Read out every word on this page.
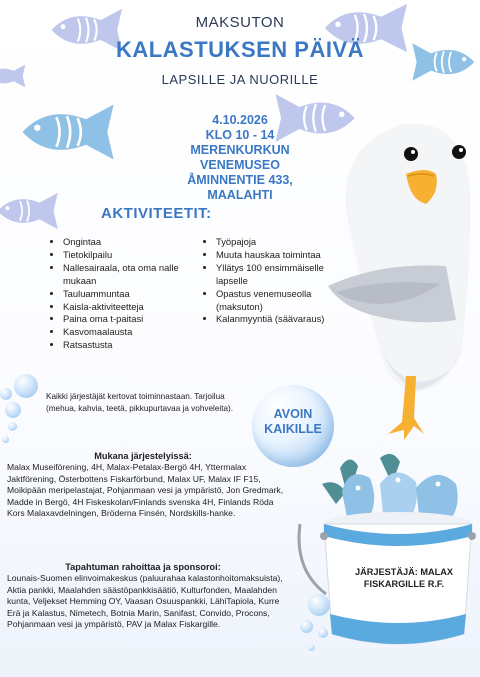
MAKSUTON
KALASTUKSEN PÄIVÄ
LAPSILLE JA NUORILLE
4.10.2026
KLO 10 - 14
MERENKURKUN
VENEMUSEO
ÅMINNENTIE 433,
MAALAHTI
AKTIVITEETIT:
• Ongintaa
• Tietokilpailu
• Nallesairaala, ota oma nalle mukaan
• Tauluammuntaa
• Kaisla-aktiviteetteja
• Paina oma t-paitasi
• Kasvomaalausta
• Ratsastusta
• Työpajoja
• Muuta hauskaa toimintaa
• Yllätys 100 ensimmäiselle lapselle
• Opastus venemuseolla (maksuton)
• Kalanmyyntiä (säävaraus)
Kaikki järjestäjät kertovat toiminnastaan. Tarjoilua (mehua, kahvia, teetä, pikkupurtavaa ja vohveleita).	AVOIN
KAIKILLE
JÄRJESTÄJÄ: MALAX
FISKARGILLE R.F.
Mukana järjestelyissä:
Malax Museiförening, 4H, Malax-Petalax-Bergö 4H, Yttermalax Jaktförening, Österbottens Fiskarförbund, Malax UF, Malax IF F15, Moikipään meripelastajat, Pohjanmaan vesi ja ympäristö, Jon Gredmark, Madde in Bergö, 4H Fiskeskolan/Finlands svenska 4H, Finlands Röda Kors Malaxavdelningen, Bröderna Finsén, Nordskills-hanke.
Tapahtuman rahoittaa ja sponsoroi:
Lounais-Suomen elinvoimakeskus (paluurahaa kalastonhoitomaksuista), Aktia pankki, Maalahden säästöpankkisäätiö, Kulturfonden, Maalahden kunta, Veljekset Hemming OY, Vaasan Osuuspankki, LähiTapiola, Kurre Erä ja Kalastus, Nimetech, Botnia Marin, Sanifast, Convido, Procons, Pohjanmaan vesi ja ympäristö, PAV ja Malax Fiskargille.
